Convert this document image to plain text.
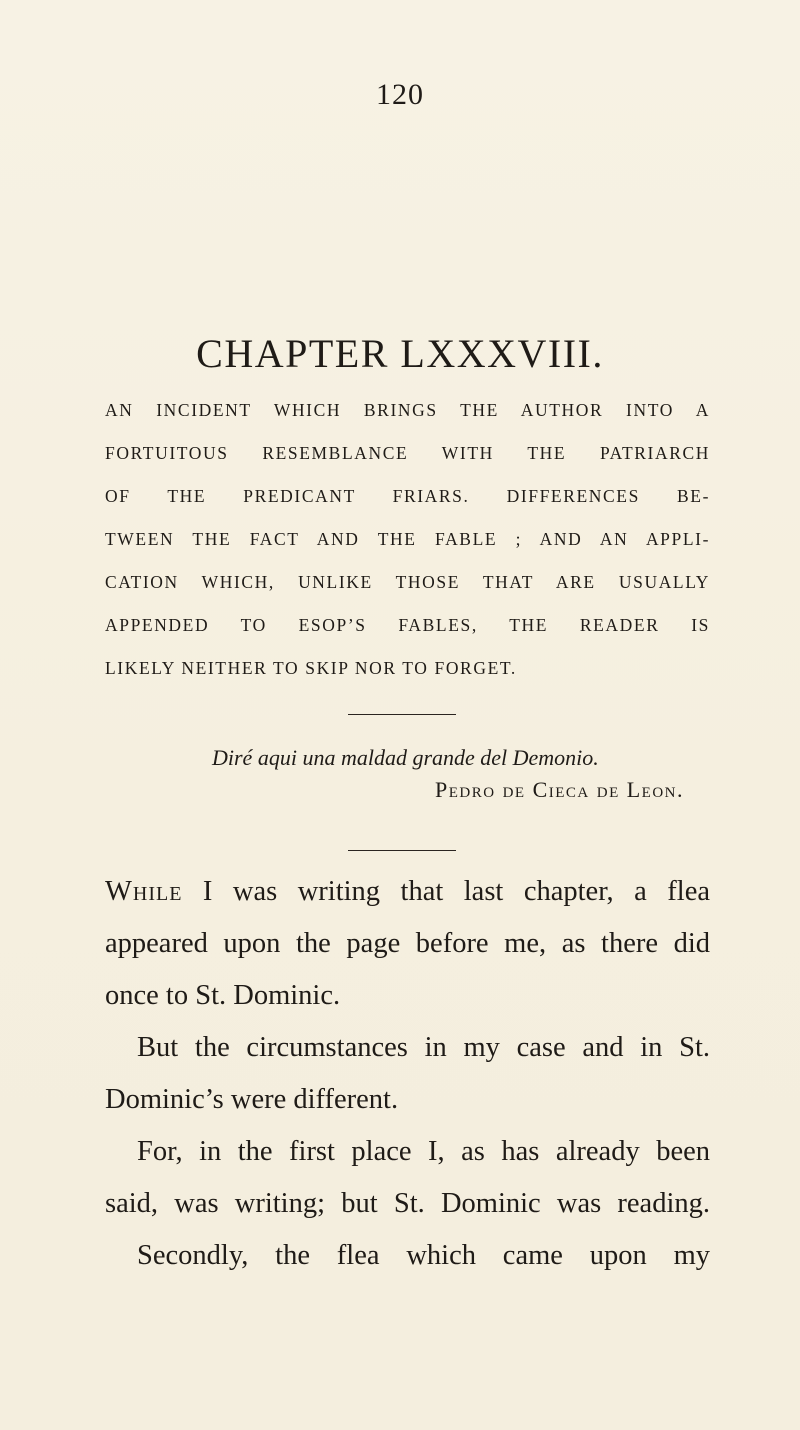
120
CHAPTER LXXXVIII.
AN INCIDENT WHICH BRINGS THE AUTHOR INTO A
FORTUITOUS RESEMBLANCE WITH THE PATRIARCH
OF THE PREDICANT FRIARS. DIFFERENCES BE-
TWEEN THE FACT AND THE FABLE ; AND AN APPLI-
CATION WHICH, UNLIKE THOSE THAT ARE USUALLY
APPENDED TO ESOP’S FABLES, THE READER IS
LIKELY NEITHER TO SKIP NOR TO FORGET.
Diré aqui una maldad grande del Demonio.
Pedro de Cieca de Leon.
While I was writing that last chapter, a flea
appeared upon the page before me, as there did
once to St. Dominic.
But the circumstances in my case and in St.
Dominic’s were different.
For, in the first place I, as has already been
said, was writing; but St. Dominic was reading.
Secondly, the flea which came upon my
